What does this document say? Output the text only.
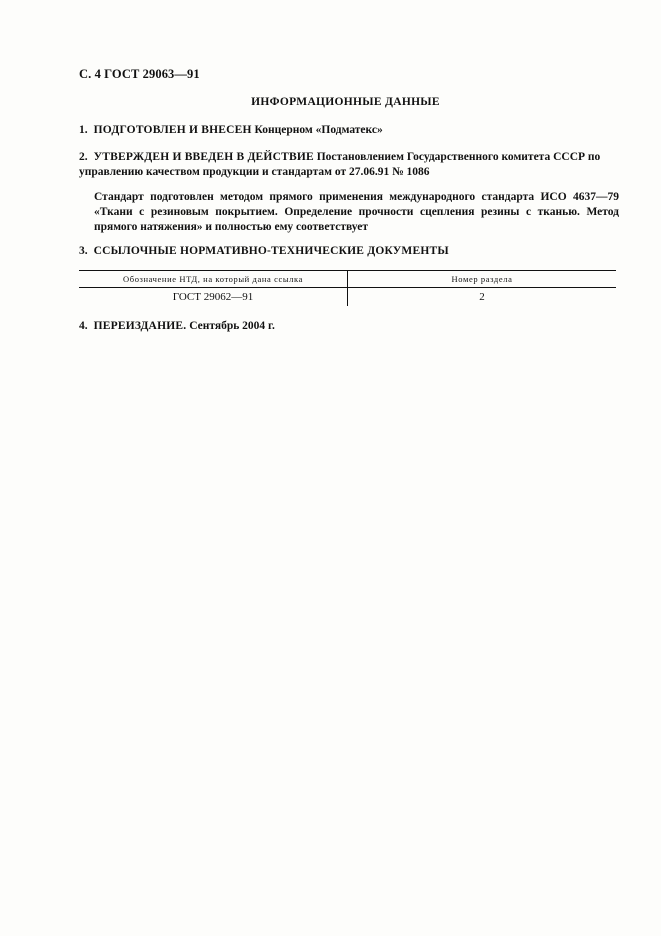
С. 4 ГОСТ 29063—91
ИНФОРМАЦИОННЫЕ ДАННЫЕ
1. ПОДГОТОВЛЕН И ВНЕСЕН Концерном «Подматекс»
2. УТВЕРЖДЕН И ВВЕДЕН В ДЕЙСТВИЕ Постановлением Государственного комитета СССР по управлению качеством продукции и стандартам от 27.06.91 № 1086
Стандарт подготовлен методом прямого применения международного стандарта ИСО 4637—79 «Ткани с резиновым покрытием. Определение прочности сцепления резины с тканью. Метод прямого натяжения» и полностью ему соответствует
3. ССЫЛОЧНЫЕ НОРМАТИВНО-ТЕХНИЧЕСКИЕ ДОКУМЕНТЫ
Обозначение НТД, на который дана ссылка	Номер раздела
ГОСТ 29062—91	2
4. ПЕРЕИЗДАНИЕ. Сентябрь 2004 г.
